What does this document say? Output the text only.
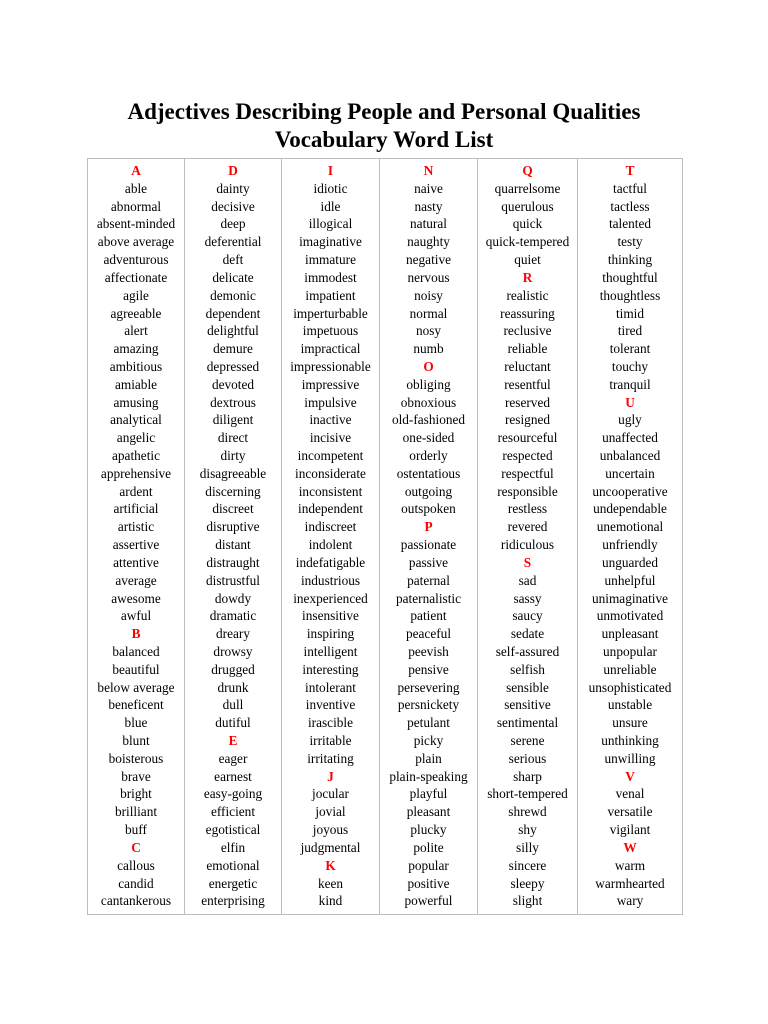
Adjectives Describing People and Personal Qualities
Vocabulary Word List
A
able
abnormal
absent-minded
above average
adventurous
affectionate
agile
agreeable
alert
amazing
ambitious
amiable
amusing
analytical
angelic
apathetic
apprehensive
ardent
artificial
artistic
assertive
attentive
average
awesome
awful
B
balanced
beautiful
below average
beneficent
blue
blunt
boisterous
brave
bright
brilliant
buff
C
callous
candid
cantankerous

D
dainty
decisive
deep
deferential
deft
delicate
demonic
dependent
delightful
demure
depressed
devoted
dextrous
diligent
direct
dirty
disagreeable
discerning
discreet
disruptive
distant
distraught
distrustful
dowdy
dramatic
dreary
drowsy
drugged
drunk
dull
dutiful
E
eager
earnest
easy-going
efficient
egotistical
elfin
emotional
energetic
enterprising

I
idiotic
idle
illogical
imaginative
immature
immodest
impatient
imperturbable
impetuous
impractical
impressionable
impressive
impulsive
inactive
incisive
incompetent
inconsiderate
inconsistent
independent
indiscreet
indolent
indefatigable
industrious
inexperienced
insensitive
inspiring
intelligent
interesting
intolerant
inventive
irascible
irritable
irritating
J
jocular
jovial
joyous
judgmental
K
keen
kind

N
naive
nasty
natural
naughty
negative
nervous
noisy
normal
nosy
numb
O
obliging
obnoxious
old-fashioned
one-sided
orderly
ostentatious
outgoing
outspoken
P
passionate
passive
paternal
paternalistic
patient
peaceful
peevish
pensive
persevering
persnickety
petulant
picky
plain
plain-speaking
playful
pleasant
plucky
polite
popular
positive
powerful

Q
quarrelsome
querulous
quick
quick-tempered
quiet
R
realistic
reassuring
reclusive
reliable
reluctant
resentful
reserved
resigned
resourceful
respected
respectful
responsible
restless
revered
ridiculous
S
sad
sassy
saucy
sedate
self-assured
selfish
sensible
sensitive
sentimental
serene
serious
sharp
short-tempered
shrewd
shy
silly
sincere
sleepy
slight

T
tactful
tactless
talented
testy
thinking
thoughtful
thoughtless
timid
tired
tolerant
touchy
tranquil
U
ugly
unaffected
unbalanced
uncertain
uncooperative
undependable
unemotional
unfriendly
unguarded
unhelpful
unimaginative
unmotivated
unpleasant
unpopular
unreliable
unsophisticated
unstable
unsure
unthinking
unwilling
V
venal
versatile
vigilant
W
warm
warmhearted
wary
